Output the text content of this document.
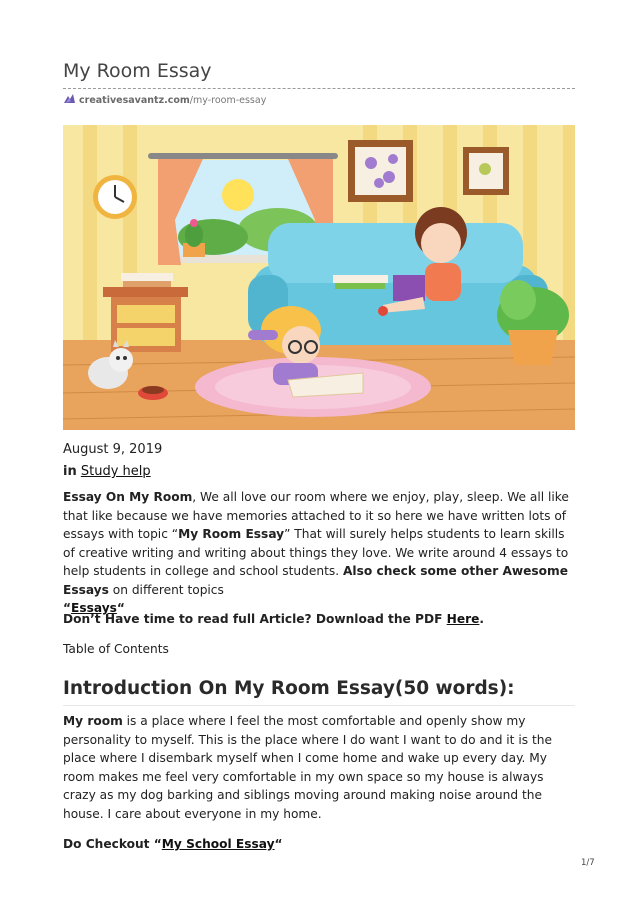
My Room Essay
creativesavantz.com /my-room-essay
August 9, 2019
in Study help

Essay On My Room, We all love our room where we enjoy, play, sleep. We all like that like because we have memories attached to it so here we have written lots of essays with topic “My Room Essay” That will surely helps students to learn skills of creative writing and writing about things they love. We write around 4 essays to help students in college and school students. Also check some other Awesome Essays on different topics
“Essays“

Don’t Have time to read full Article? Download the PDF Here.

Table of Contents
Introduction On My Room Essay(50 words):

My room is a place where I feel the most comfortable and openly show my personality to myself. This is the place where I do want I want to do and it is the place where I disembark myself when I come home and wake up every day. My room makes me feel very comfortable in my own space so my house is always crazy as my dog barking and siblings moving around making noise around the house. I care about everyone in my home.

Do Checkout “My School Essay“

1/7
